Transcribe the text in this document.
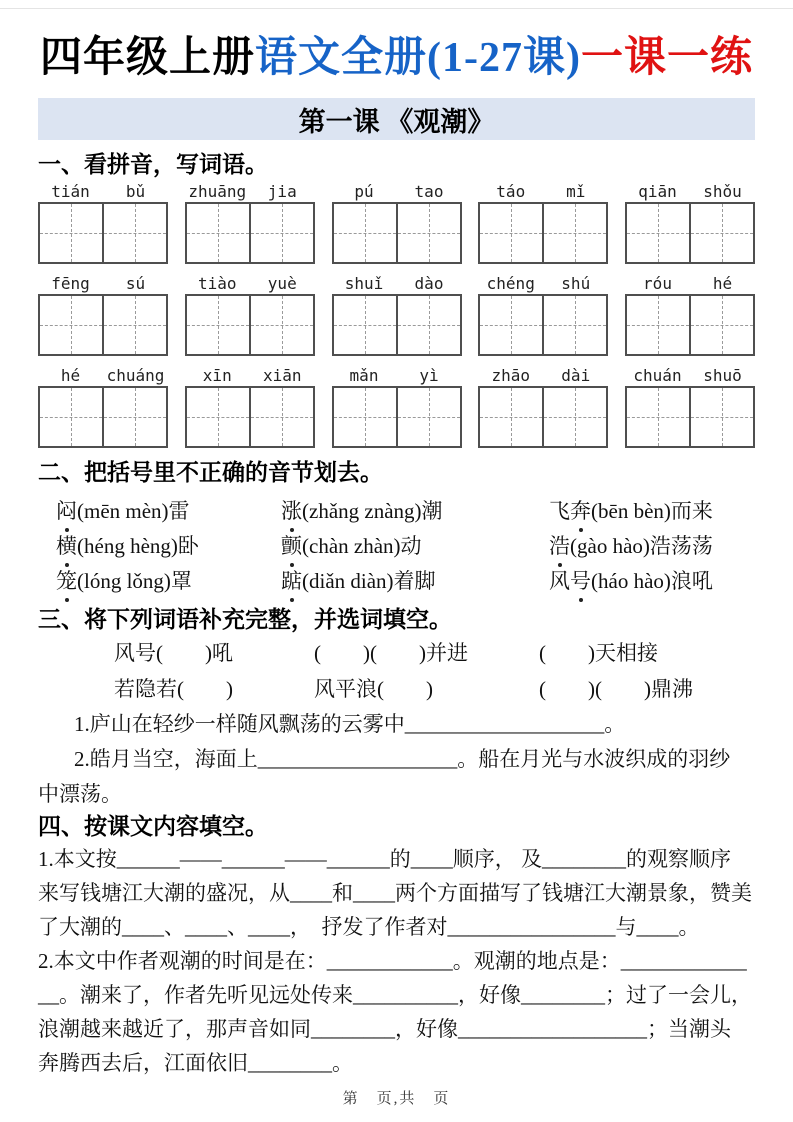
四年级上册语文全册(1-27课)一课一练
第一课 《观潮》
一、看拼音，写词语。
tián	bǔ	zhuāng	jia	pú	tao	táo	mǐ	qiān	shǒu
fēng	sú	tiào	yuè	shuǐ	dào	chéng	shú	róu	hé
hé	chuáng	xīn	xiān	mǎn	yì	zhāo	dài	chuán	shuō
二、把括号里不正确的音节划去。
闷(mēn mèn)雷	涨(zhǎng znàng)潮	飞奔(bēn bèn)而来
横(héng hèng)卧	颤(chàn zhàn)动	浩(gào hào)浩荡荡
笼(lóng lǒng)罩	踮(diǎn diàn)着脚	风号(háo hào)浪吼
三、将下列词语补充完整，并选词填空。
风号(　　)吼	(　　)(　　)并进	(　　)天相接
若隐若(　　)	风平浪(　　)	(　　)(　　)鼎沸
1.庐山在轻纱一样随风飘荡的云雾中___________________。
2.皓月当空，海面上___________________。船在月光与水波织成的羽纱
中漂荡。
四、按课文内容填空。
1.本文按______——______——______的____顺序， 及________的观察顺序
来写钱塘江大潮的盛况，从____和____两个方面描写了钱塘江大潮景象，赞美
了大潮的____、____、____，　抒发了作者对________________与____。
2.本文中作者观潮的时间是在：____________。观潮的地点是：____________
__。潮来了，作者先听见远处传来__________，好像________；过了一会儿，
浪潮越来越近了，那声音如同________，好像__________________；当潮头
奔腾西去后，江面依旧________。
第　页,共　页
